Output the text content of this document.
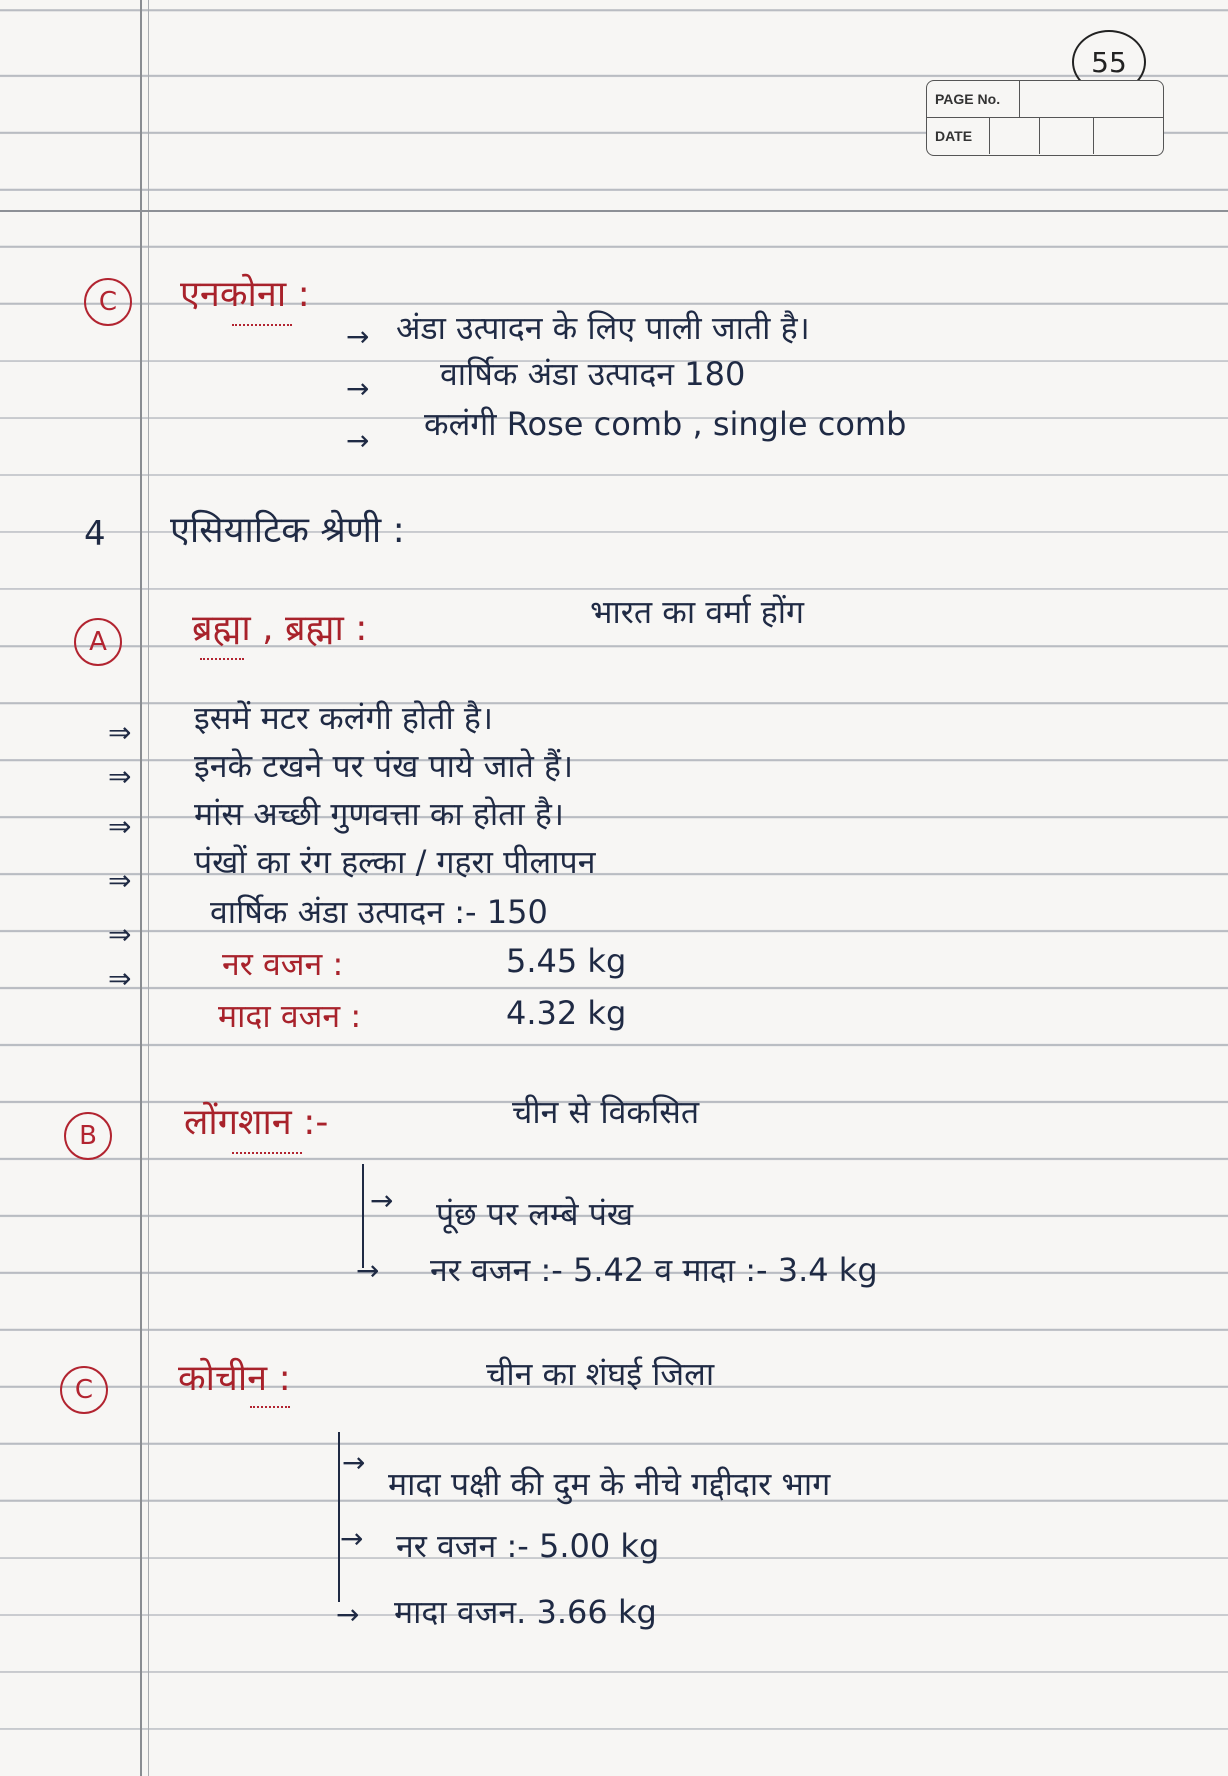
55
PAGE No.
DATE
C	एनकोना :
→ अंडा उत्पादन के लिए पाली जाती है।
→ वार्षिक अंडा उत्पादन 180
→ कलंगी Rose comb , single comb
4 एसियाटिक श्रेणी :
A	ब्रह्मा , ब्रह्मा :	भारत का वर्मा होंग
⇒ इसमें मटर कलंगी होती है।
⇒ इनके टखने पर पंख पाये जाते हैं।
⇒ मांस अच्छी गुणवत्ता का होता है।
⇒ पंखों का रंग हल्का / गहरा पीलापन
⇒
वार्षिक अंडा उत्पादन :- 150
⇒	नर वजन :	5.45 kg
मादा वजन :	4.32 kg
B	लोंगशान :-	चीन से विकसित
→ पूंछ पर लम्बे पंख
→ नर वजन :- 5.42 व मादा :- 3.4 kg
C	कोचीन :	चीन का शंघई जिला
→
मादा पक्षी की दुम के नीचे गद्दीदार भाग
→ नर वजन :- 5.00 kg
→ मादा वजन. 3.66 kg
